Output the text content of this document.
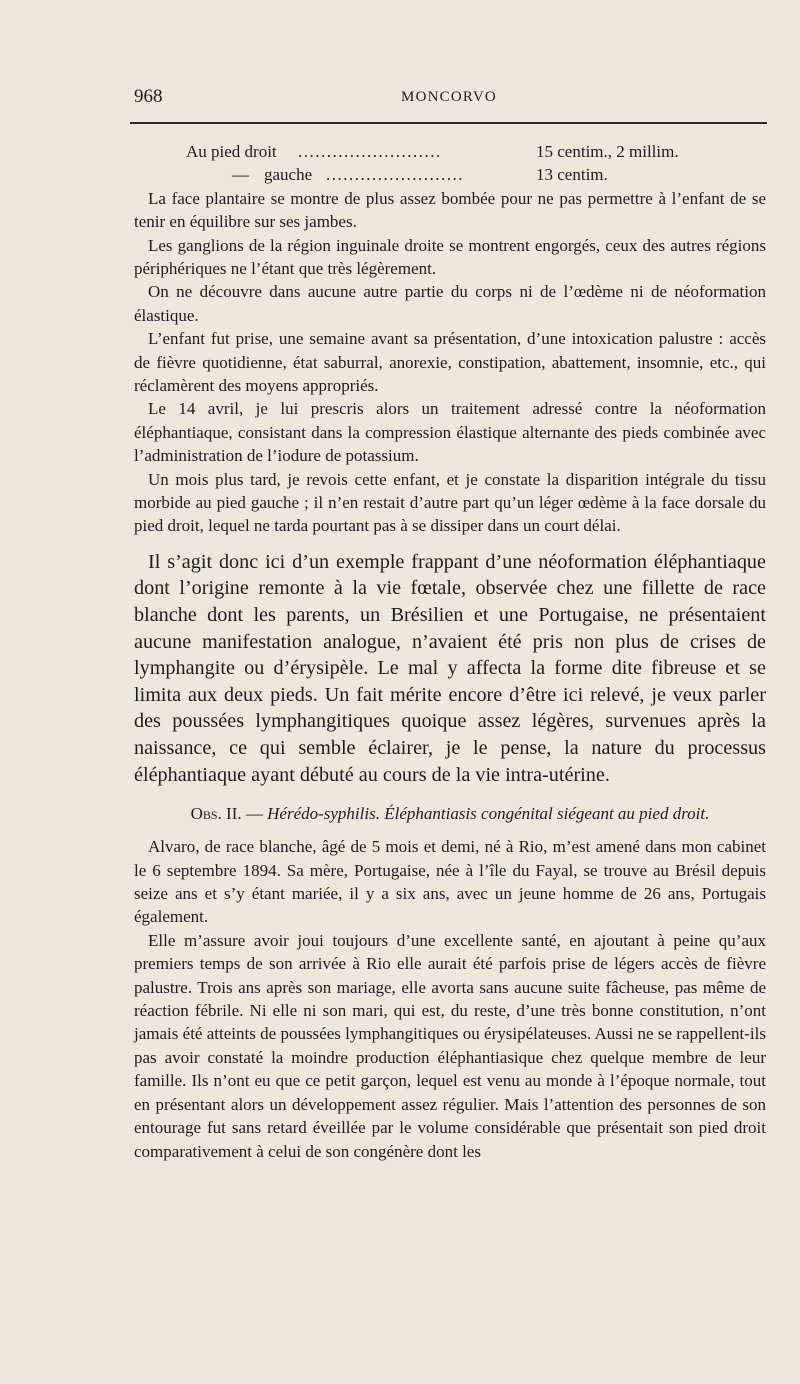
968	MONCORVO
Au pied droit .........................	15 centim., 2 millim.
— gauche ........................	13 centim.

La face plantaire se montre de plus assez bombée pour ne pas permettre à l’enfant de se tenir en équilibre sur ses jambes.

Les ganglions de la région inguinale droite se montrent engorgés, ceux des autres régions périphériques ne l’étant que très légèrement.

On ne découvre dans aucune autre partie du corps ni de l’œdème ni de néoformation élastique.

L’enfant fut prise, une semaine avant sa présentation, d’une intoxication palustre : accès de fièvre quotidienne, état saburral, anorexie, constipation, abattement, insomnie, etc., qui réclamèrent des moyens appropriés.

Le 14 avril, je lui prescris alors un traitement adressé contre la néoformation éléphantiaque, consistant dans la compression élastique alternante des pieds combinée avec l’administration de l’iodure de potassium.

Un mois plus tard, je revois cette enfant, et je constate la disparition intégrale du tissu morbide au pied gauche ; il n’en restait d’autre part qu’un léger œdème à la face dorsale du pied droit, lequel ne tarda pourtant pas à se dissiper dans un court délai.

Il s’agit donc ici d’un exemple frappant d’une néoformation éléphantiaque dont l’origine remonte à la vie fœtale, observée chez une fillette de race blanche dont les parents, un Brésilien et une Portugaise, ne présentaient aucune manifestation analogue, n’avaient été pris non plus de crises de lymphangite ou d’érysipèle. Le mal y affecta la forme dite fibreuse et se limita aux deux pieds. Un fait mérite encore d’être ici relevé, je veux parler des poussées lymphangitiques quoique assez légères, survenues après la naissance, ce qui semble éclairer, je le pense, la nature du processus éléphantiaque ayant débuté au cours de la vie intra-utérine.

Obs. II. — Hérédo-syphilis. Éléphantiasis congénital siégeant au pied droit.

Alvaro, de race blanche, âgé de 5 mois et demi, né à Rio, m’est amené dans mon cabinet le 6 septembre 1894. Sa mère, Portugaise, née à l’île du Fayal, se trouve au Brésil depuis seize ans et s’y étant mariée, il y a six ans, avec un jeune homme de 26 ans, Portugais également.

Elle m’assure avoir joui toujours d’une excellente santé, en ajoutant à peine qu’aux premiers temps de son arrivée à Rio elle aurait été parfois prise de légers accès de fièvre palustre. Trois ans après son mariage, elle avorta sans aucune suite fâcheuse, pas même de réaction fébrile. Ni elle ni son mari, qui est, du reste, d’une très bonne constitution, n’ont jamais été atteints de poussées lymphangitiques ou érysipélateuses. Aussi ne se rappellent-ils pas avoir constaté la moindre production éléphantiasique chez quelque membre de leur famille. Ils n’ont eu que ce petit garçon, lequel est venu au monde à l’époque normale, tout en présentant alors un développement assez régulier. Mais l’attention des personnes de son entourage fut sans retard éveillée par le volume considérable que présentait son pied droit comparativement à celui de son congénère dont les
